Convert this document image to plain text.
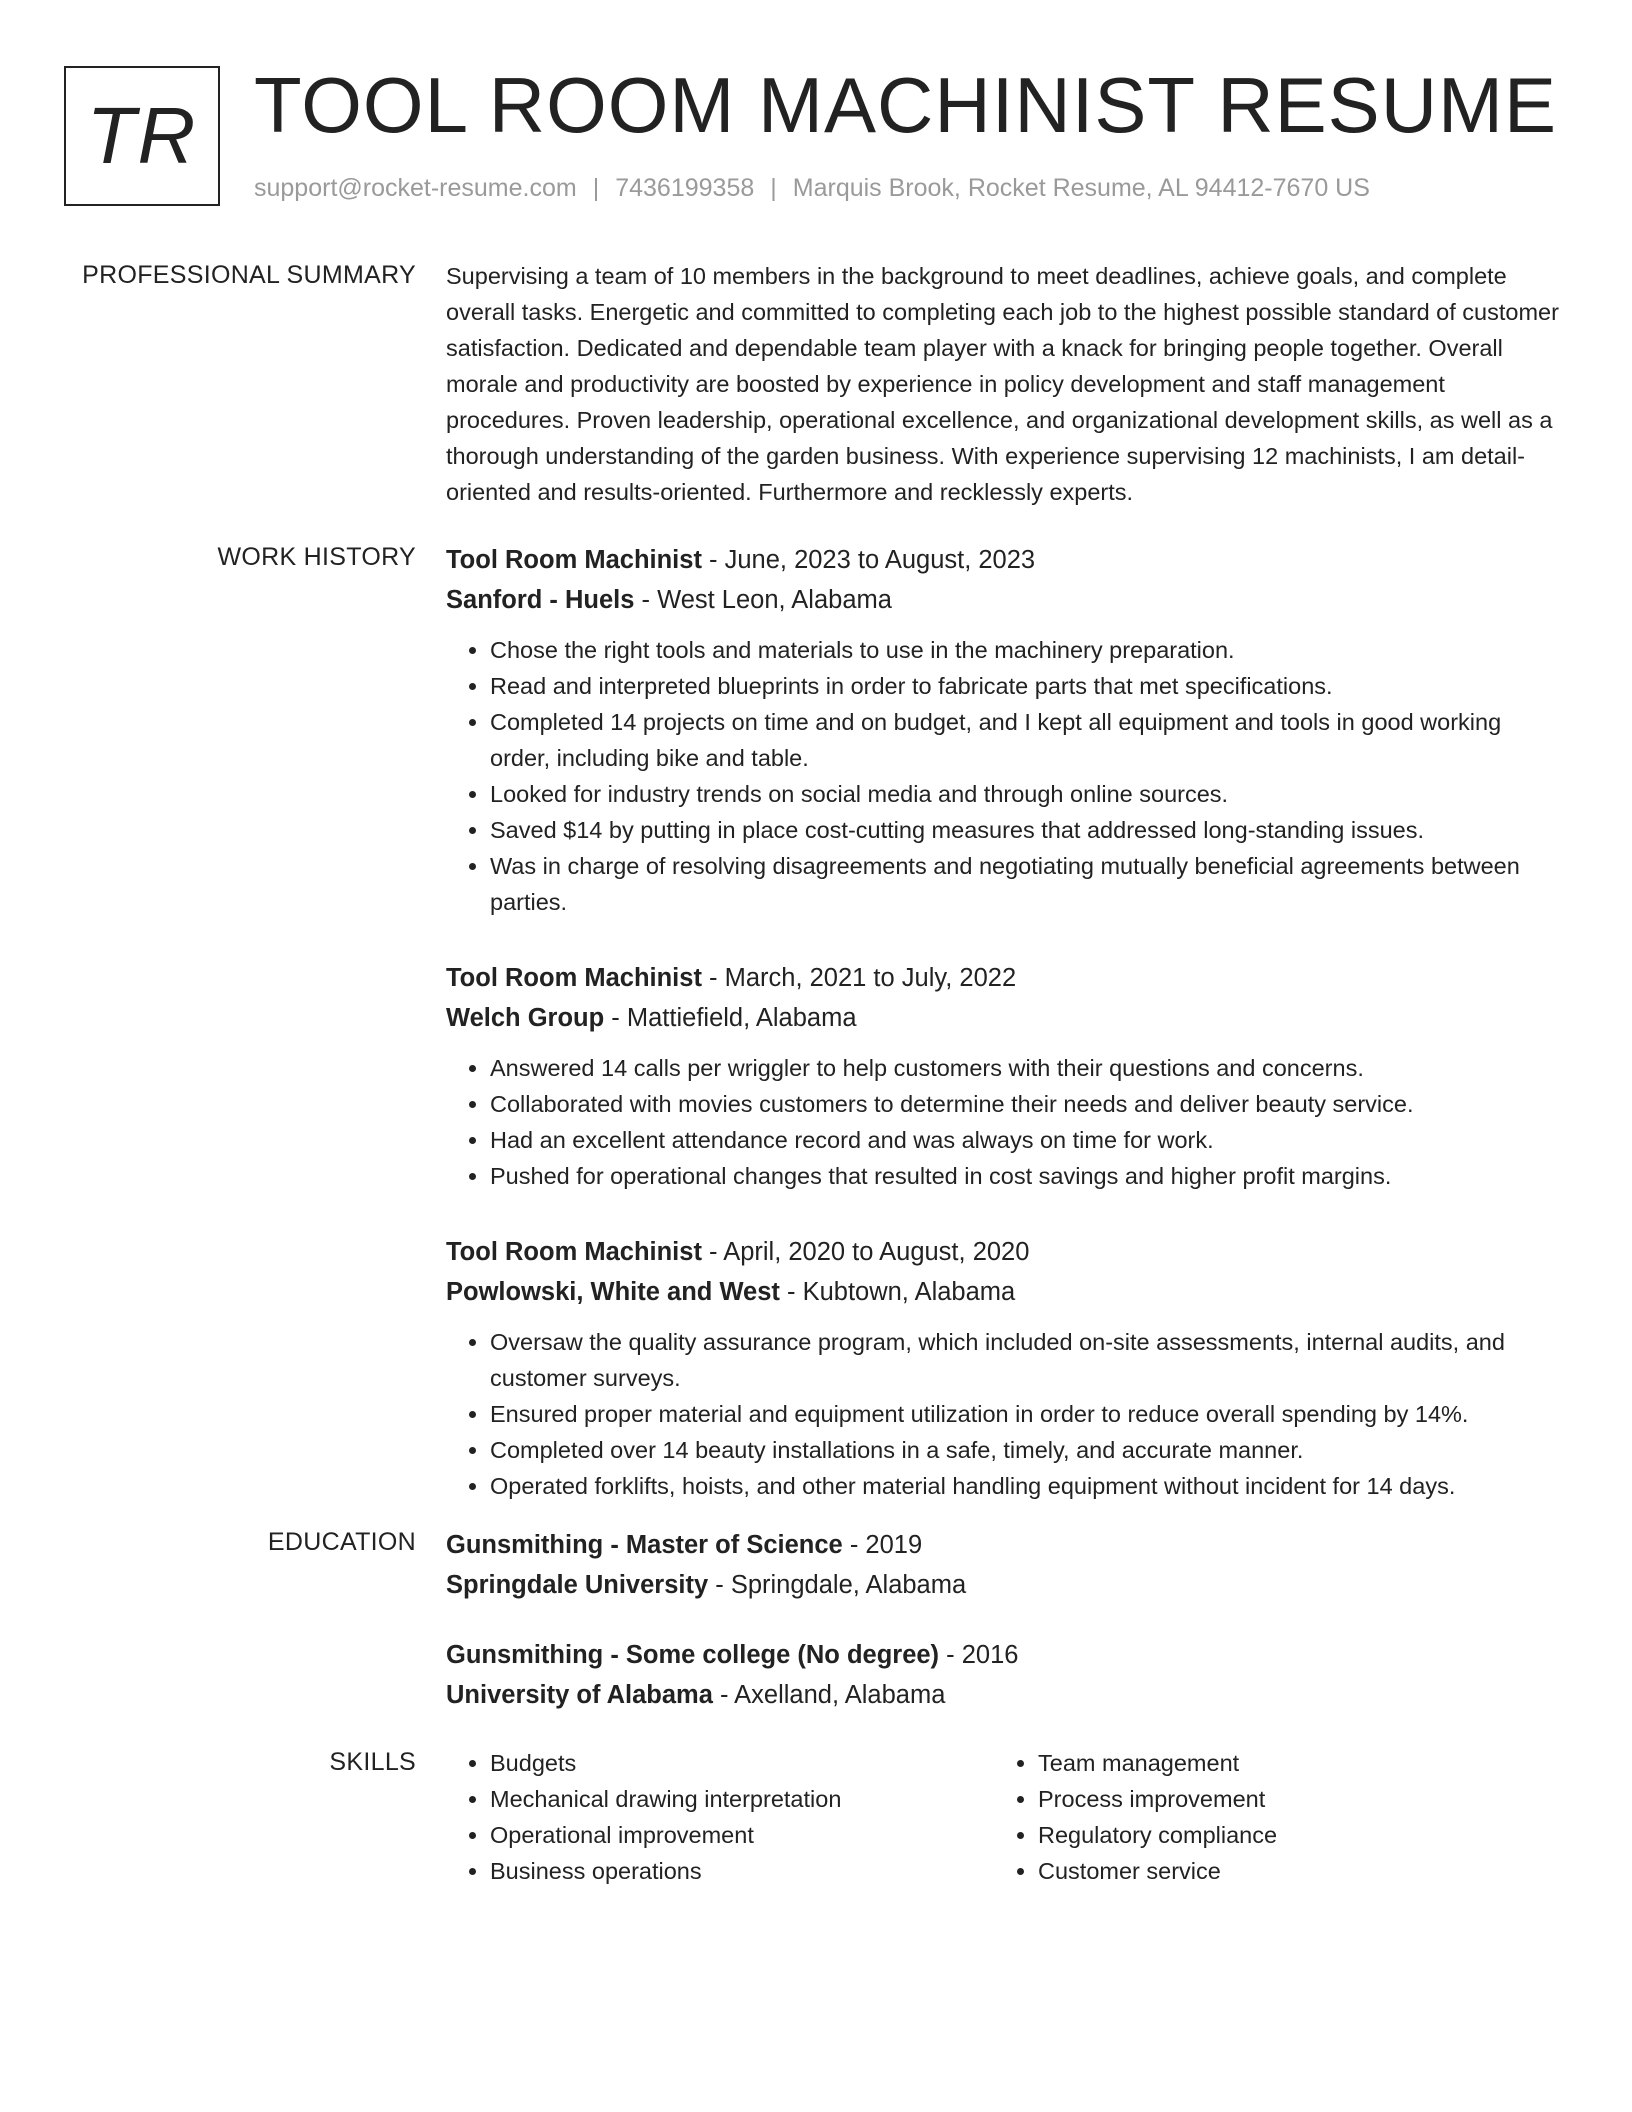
TR TOOL ROOM MACHINIST RESUME
support@rocket-resume.com | 7436199358 | Marquis Brook, Rocket Resume, AL 94412-7670 US
PROFESSIONAL SUMMARY Supervising a team of 10 members in the background to meet deadlines, achieve goals, and complete overall tasks. Energetic and committed to completing each job to the highest possible standard of customer satisfaction. Dedicated and dependable team player with a knack for bringing people together. Overall morale and productivity are boosted by experience in policy development and staff management procedures. Proven leadership, operational excellence, and organizational development skills, as well as a thorough understanding of the garden business. With experience supervising 12 machinists, I am detail-oriented and results-oriented. Furthermore and recklessly experts.

WORK HISTORY Tool Room Machinist - June, 2023 to August, 2023
Sanford - Huels - West Leon, Alabama
• Chose the right tools and materials to use in the machinery preparation.
• Read and interpreted blueprints in order to fabricate parts that met specifications.
• Completed 14 projects on time and on budget, and I kept all equipment and tools in good working order, including bike and table.
• Looked for industry trends on social media and through online sources.
• Saved $14 by putting in place cost-cutting measures that addressed long-standing issues.
• Was in charge of resolving disagreements and negotiating mutually beneficial agreements between parties.
Tool Room Machinist - March, 2021 to July, 2022
Welch Group - Mattiefield, Alabama
• Answered 14 calls per wriggler to help customers with their questions and concerns.
• Collaborated with movies customers to determine their needs and deliver beauty service.
• Had an excellent attendance record and was always on time for work.
• Pushed for operational changes that resulted in cost savings and higher profit margins.
Tool Room Machinist - April, 2020 to August, 2020
Powlowski, White and West - Kubtown, Alabama
• Oversaw the quality assurance program, which included on-site assessments, internal audits, and customer surveys.
• Ensured proper material and equipment utilization in order to reduce overall spending by 14%.
• Completed over 14 beauty installations in a safe, timely, and accurate manner.
• Operated forklifts, hoists, and other material handling equipment without incident for 14 days.
EDUCATION Gunsmithing - Master of Science - 2019
Springdale University - Springdale, Alabama
Gunsmithing - Some college (No degree) - 2016
University of Alabama - Axelland, Alabama
SKILLS
•	Budgets
• Mechanical drawing interpretation
• Operational improvement
• Business operations
• Team management
• Process improvement
• Regulatory compliance
• Customer service
